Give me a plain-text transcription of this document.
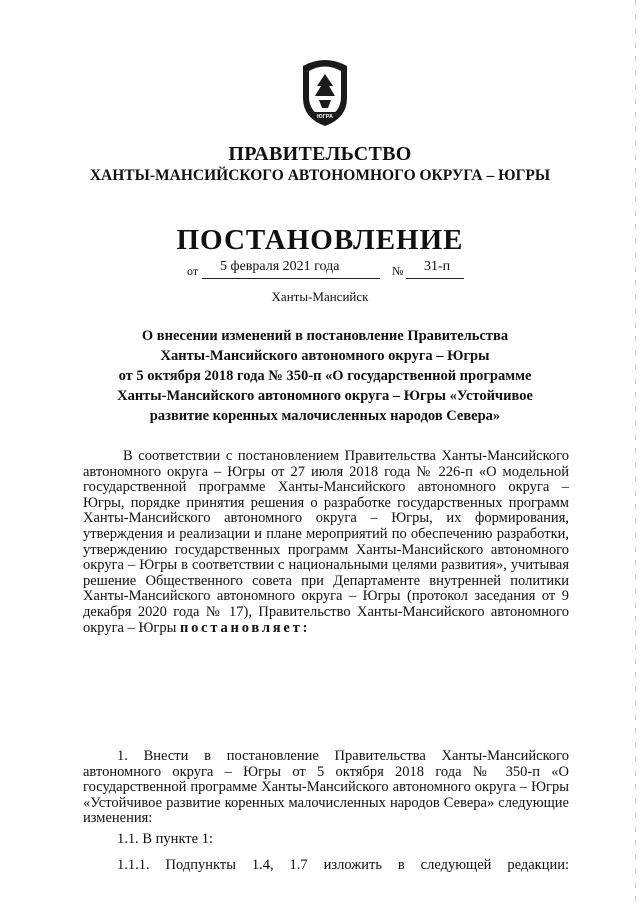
ЮГРА
ПРАВИТЕЛЬСТВО
ХАНТЫ-МАНСИЙСКОГО АВТОНОМНОГО ОКРУГА – ЮГРЫ
ПОСТАНОВЛЕНИЕ
от 5 февраля 2021 года	№ 31-п
Ханты-Мансийск
О внесении изменений в постановление Правительства
Ханты-Мансийского автономного округа – Югры
от 5 октября 2018 года № 350-п «О государственной программе
Ханты-Мансийского автономного округа – Югры «Устойчивое
развитие коренных малочисленных народов Севера»
В соответствии с постановлением Правительства Ханты-Мансийского автономного округа – Югры от 27 июля 2018 года № 226-п «О модельной государственной программе Ханты-Мансийского автономного округа – Югры, порядке принятия решения о разработке государственных программ Ханты-Мансийского автономного округа – Югры, их формирования, утверждения и реализации и плане мероприятий по обеспечению разработки, утверждению государственных программ Ханты-Мансийского автономного округа – Югры в соответствии с национальными целями развития», учитывая решение Общественного совета при Департаменте внутренней политики Ханты-Мансийского автономного округа – Югры (протокол заседания от 9 декабря 2020 года № 17), Правительство Ханты-Мансийского автономного округа – Югры постановляет:
1. Внести в постановление Правительства Ханты-Мансийского автономного округа – Югры от 5 октября 2018 года № 350-п «О государственной программе Ханты-Мансийского автономного округа – Югры «Устойчивое развитие коренных малочисленных народов Севера» следующие изменения:
1.1. В пункте 1:
1.1.1. Подпункты 1.4, 1.7 изложить в следующей редакции:
